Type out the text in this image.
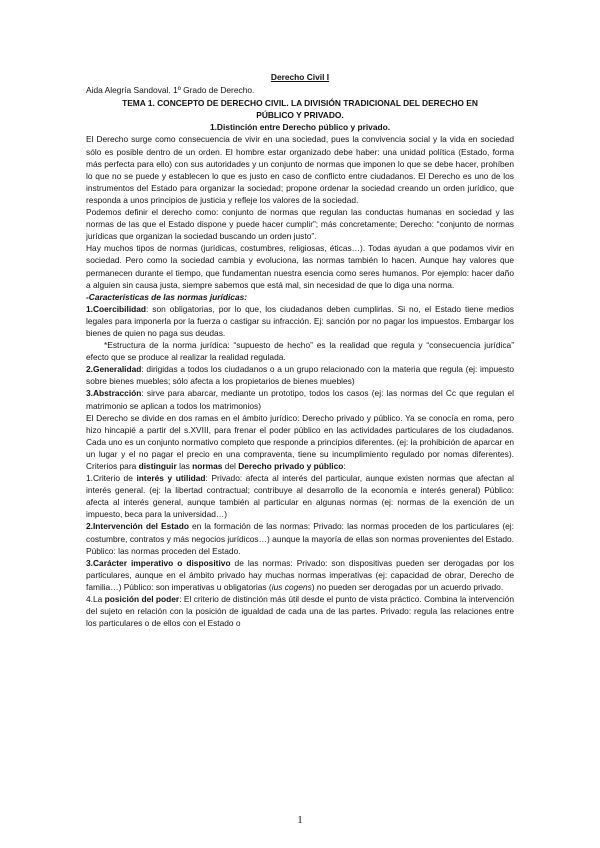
Derecho Civil I
Aida Alegría Sandoval. 1º Grado de Derecho.
TEMA 1. CONCEPTO DE DERECHO CIVIL. LA DIVISIÓN TRADICIONAL DEL DERECHO EN PÚBLICO Y PRIVADO.
1.Distinción entre Derecho público y privado.

El Derecho surge como consecuencia de vivir en una sociedad, pues la convivencia social y la vida en sociedad sólo es posible dentro de un orden. El hombre estar organizado debe haber: una unidad política (Estado, forma más perfecta para ello) con sus autoridades y un conjunto de normas que imponen lo que se debe hacer, prohíben lo que no se puede y establecen lo que es justo en caso de conflicto entre ciudadanos. El Derecho es uno de los instrumentos del Estado para organizar la sociedad; propone ordenar la sociedad creando un orden jurídico, que responda a unos principios de justicia y refleje los valores de la sociedad.

Podemos definir el derecho como: conjunto de normas que regulan las conductas humanas en sociedad y las normas de las que el Estado dispone y puede hacer cumplir”; más concretamente; Derecho: “conjunto de normas jurídicas que organizan la sociedad buscando un orden justo”.

Hay muchos tipos de normas (jurídicas, costumbres, religiosas, éticas…). Todas ayudan a que podamos vivir en sociedad. Pero como la sociedad cambia y evoluciona, las normas también lo hacen. Aunque hay valores que permanecen durante el tiempo, que fundamentan nuestra esencia como seres humanos. Por ejemplo: hacer daño a alguien sin causa justa, siempre sabemos que está mal, sin necesidad de que lo diga una norma.

-Características de las normas jurídicas:

1.Coercibilidad: son obligatorias, por lo que, los ciudadanos deben cumplirlas. Si no, el Estado tiene medios legales para imponerla por la fuerza o castigar su infracción. Ej: sanción por no pagar los impuestos. Embargar los bienes de quien no paga sus deudas.

*Estructura de la norma jurídica: “supuesto de hecho” es la realidad que regula y “consecuencia jurídica” efecto que se produce al realizar la realidad regulada.

2.Generalidad: dirigidas a todos los ciudadanos o a un grupo relacionado con la materia que regula (ej: impuesto sobre bienes muebles; sólo afecta a los propietarios de bienes muebles)

3.Abstracción: sirve para abarcar, mediante un prototipo, todos los casos (ej: las normas del Cc que regulan el matrimonio se aplican a todos los matrimonios)

El Derecho se divide en dos ramas en el ámbito jurídico: Derecho privado y público. Ya se conocía en roma, pero hizo hincapié a partir del s.XVIII, para frenar el poder público en las actividades particulares de los ciudadanos. Cada uno es un conjunto normativo completo que responde a principios diferentes. (ej: la prohibición de aparcar en un lugar y el no pagar el precio en una compraventa, tiene su incumplimiento regulado por nomas diferentes). Criterios para distinguir las normas del Derecho privado y público:

1.Criterio de interés y utilidad: Privado: afecta al interés del particular, aunque existen normas que afectan al interés general. (ej: la libertad contractual; contribuye al desarrollo de la economía e interés general) Público: afecta al interés general, aunque también al particular en algunas normas (ej: normas de la exención de un impuesto, beca para la universidad…)

2.Intervención del Estado en la formación de las normas: Privado: las normas proceden de los particulares (ej: costumbre, contratos y más negocios jurídicos…) aunque la mayoría de ellas son normas provenientes del Estado. Público: las normas proceden del Estado.

3.Carácter imperativo o dispositivo de las normas: Privado: son dispositivas pueden ser derogadas por los particulares, aunque en el ámbito privado hay muchas normas imperativas (ej: capacidad de obrar, Derecho de familia…) Público: son imperativas u obligatorias (ius cogens) no pueden ser derogadas por un acuerdo privado.

4.La posición del poder: El criterio de distinción más útil desde el punto de vista práctico. Combina la intervención del sujeto en relación con la posición de igualdad de cada una de las partes. Privado: regula las relaciones entre los particulares o de ellos con el Estado o

1
